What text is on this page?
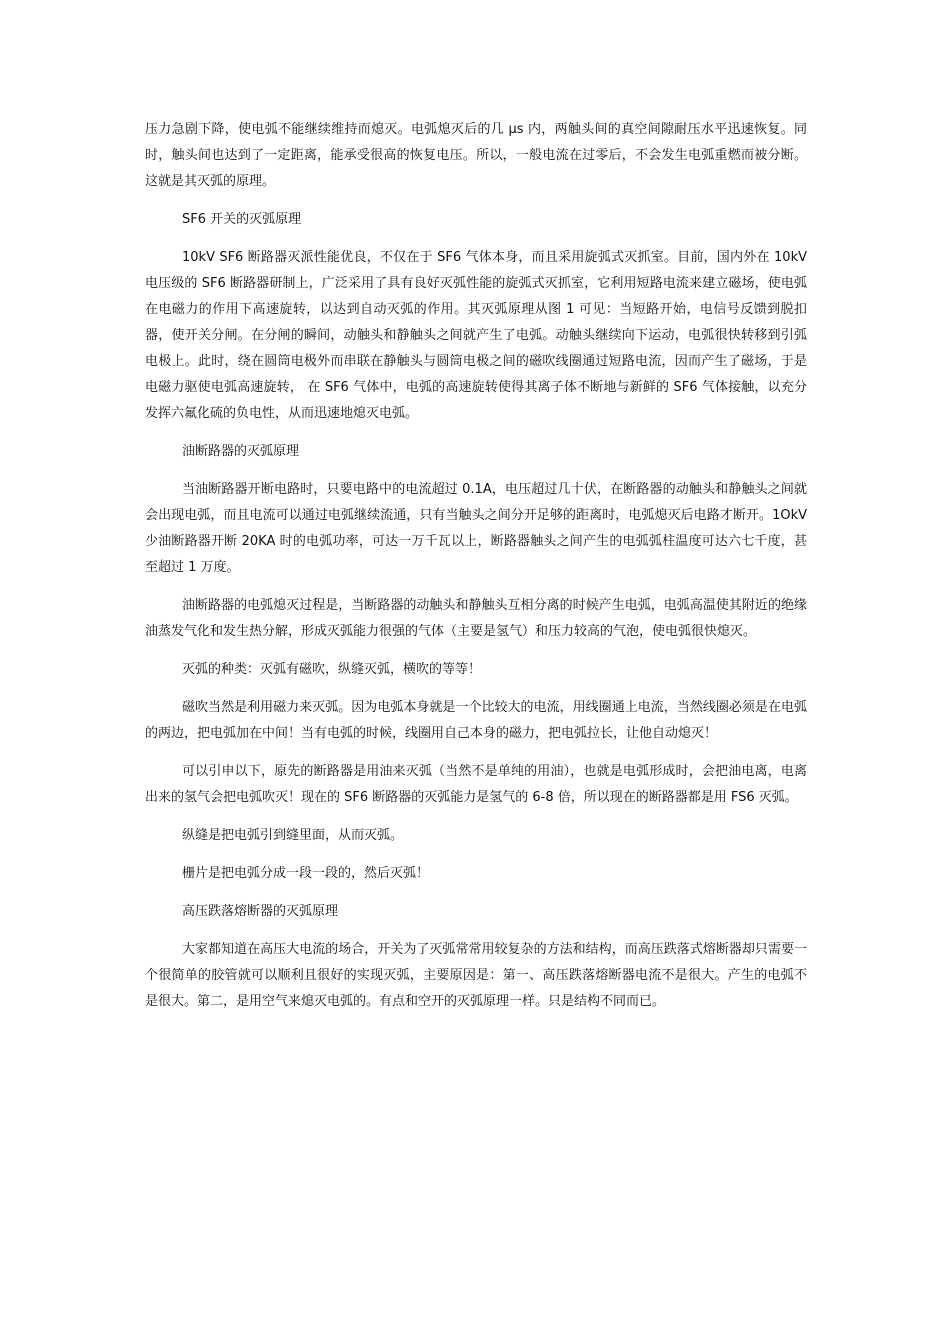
压力急剧下降，使电弧不能继续维持而熄灭。电弧熄灭后的几 μs 内，两触头间的真空间隙耐压水平迅速恢复。同时，触头间也达到了一定距离，能承受很高的恢复电压。所以，一般电流在过零后，不会发生电弧重燃而被分断。这就是其灭弧的原理。

SF6 开关的灭弧原理

10kV SF6 断路器灭派性能优良，不仅在于 SF6 气体本身，而且采用旋弧式灭抓室。目前，国内外在 10kV 电压级的 SF6 断路器研制上，广泛采用了具有良好灭弧性能的旋弧式灭抓室，它利用短路电流来建立磁场，使电弧在电磁力的作用下高速旋转，以达到自动灭弧的作用。其灭弧原理从图 1 可见：当短路开始，电信号反馈到脱扣器，使开关分闸。在分闸的瞬间，动触头和静触头之间就产生了电弧。动触头继续向下运动，电弧很快转移到引弧电极上。此时，绕在圆筒电极外而串联在静触头与圆筒电极之间的磁吹线圈通过短路电流，因而产生了磁场，于是电磁力驱使电弧高速旋转， 在 SF6 气体中，电弧的高速旋转使得其离子体不断地与新鲜的 SF6 气体接触，以充分发挥六氟化硫的负电性，从而迅速地熄灭电弧。

油断路器的灭弧原理

当油断路器开断电路时，只要电路中的电流超过 0.1A，电压超过几十伏，在断路器的动触头和静触头之间就会出现电弧，而且电流可以通过电弧继续流通，只有当触头之间分开足够的距离时，电弧熄灭后电路才断开。1OkV 少油断路器开断 20KA 时的电弧功率，可达一万千瓦以上，断路器触头之间产生的电弧弧柱温度可达六七千度，甚至超过 1 万度。

油断路器的电弧熄灭过程是，当断路器的动触头和静触头互相分离的时候产生电弧，电弧高温使其附近的绝缘油蒸发气化和发生热分解，形成灭弧能力很强的气体（主要是氢气）和压力较高的气泡，使电弧很快熄灭。

灭弧的种类：灭弧有磁吹，纵缝灭弧，横吹的等等！

磁吹当然是利用磁力来灭弧。因为电弧本身就是一个比较大的电流，用线圈通上电流，当然线圈必须是在电弧的两边，把电弧加在中间！当有电弧的时候，线圈用自己本身的磁力，把电弧拉长，让他自动熄灭！

可以引申以下，原先的断路器是用油来灭弧（当然不是单纯的用油），也就是电弧形成时，会把油电离，电离出来的氢气会把电弧吹灭！现在的 SF6 断路器的灭弧能力是氢气的 6-8 倍，所以现在的断路器都是用 FS6 灭弧。

纵缝是把电弧引到缝里面，从而灭弧。

栅片是把电弧分成一段一段的，然后灭弧！

高压跌落熔断器的灭弧原理

大家都知道在高压大电流的场合，开关为了灭弧常常用较复杂的方法和结构，而高压跌落式熔断器却只需要一个很简单的胶管就可以顺利且很好的实现灭弧，主要原因是：第一、高压跌落熔断器电流不是很大。产生的电弧不是很大。第二，是用空气来熄灭电弧的。有点和空开的灭弧原理一样。只是结构不同而已。
